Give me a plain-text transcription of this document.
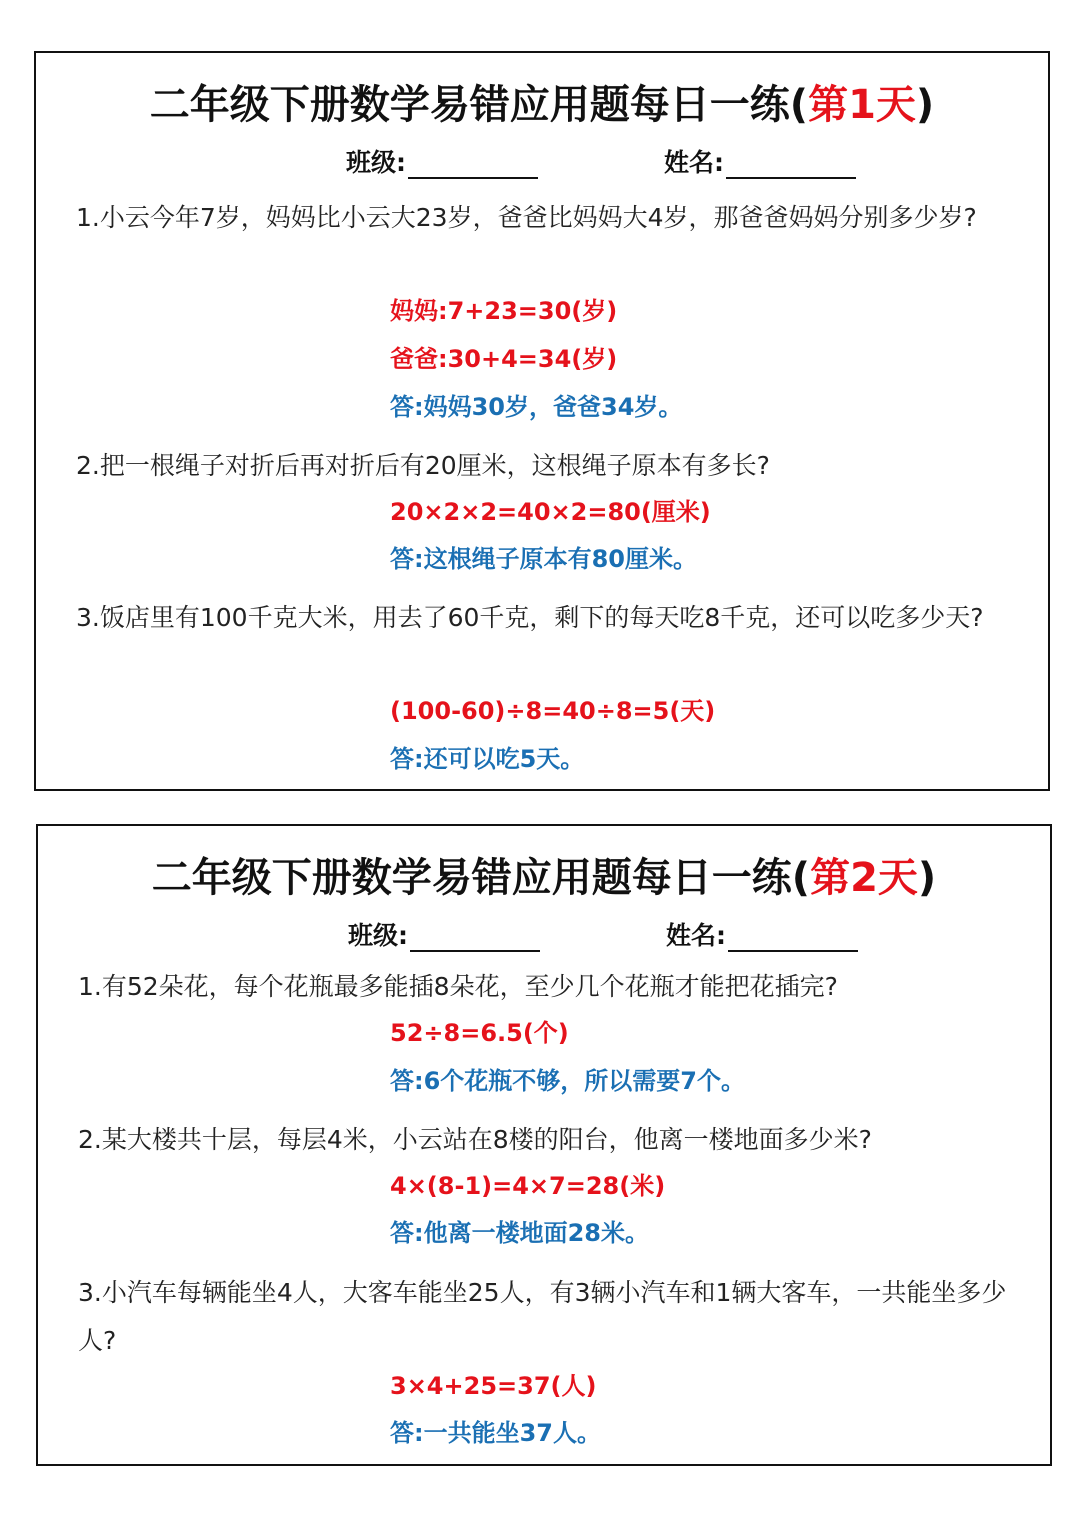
二年级下册数学易错应用题每日一练(第1天)
班级:	姓名:

1.小云今年7岁，妈妈比小云大23岁，爸爸比妈妈大4岁，那爸爸妈妈分别多少岁?

妈妈:7+23=30(岁)
爸爸:30+4=34(岁)
答:妈妈30岁，爸爸34岁。

2.把一根绳子对折后再对折后有20厘米，这根绳子原本有多长?

20×2×2=40×2=80(厘米)
答:这根绳子原本有80厘米。

3.饭店里有100千克大米，用去了60千克，剩下的每天吃8千克，还可以吃多少天?

(100-60)÷8=40÷8=5(天)
答:还可以吃5天。
二年级下册数学易错应用题每日一练(第2天)
班级:	姓名:

1.有52朵花，每个花瓶最多能插8朵花，至少几个花瓶才能把花插完?

52÷8=6.5(个)
答:6个花瓶不够，所以需要7个。

2.某大楼共十层，每层4米，小云站在8楼的阳台，他离一楼地面多少米?

4×(8-1)=4×7=28(米)
答:他离一楼地面28米。

3.小汽车每辆能坐4人，大客车能坐25人，有3辆小汽车和1辆大客车，一共能坐多少人?

3×4+25=37(人)
答:一共能坐37人。
